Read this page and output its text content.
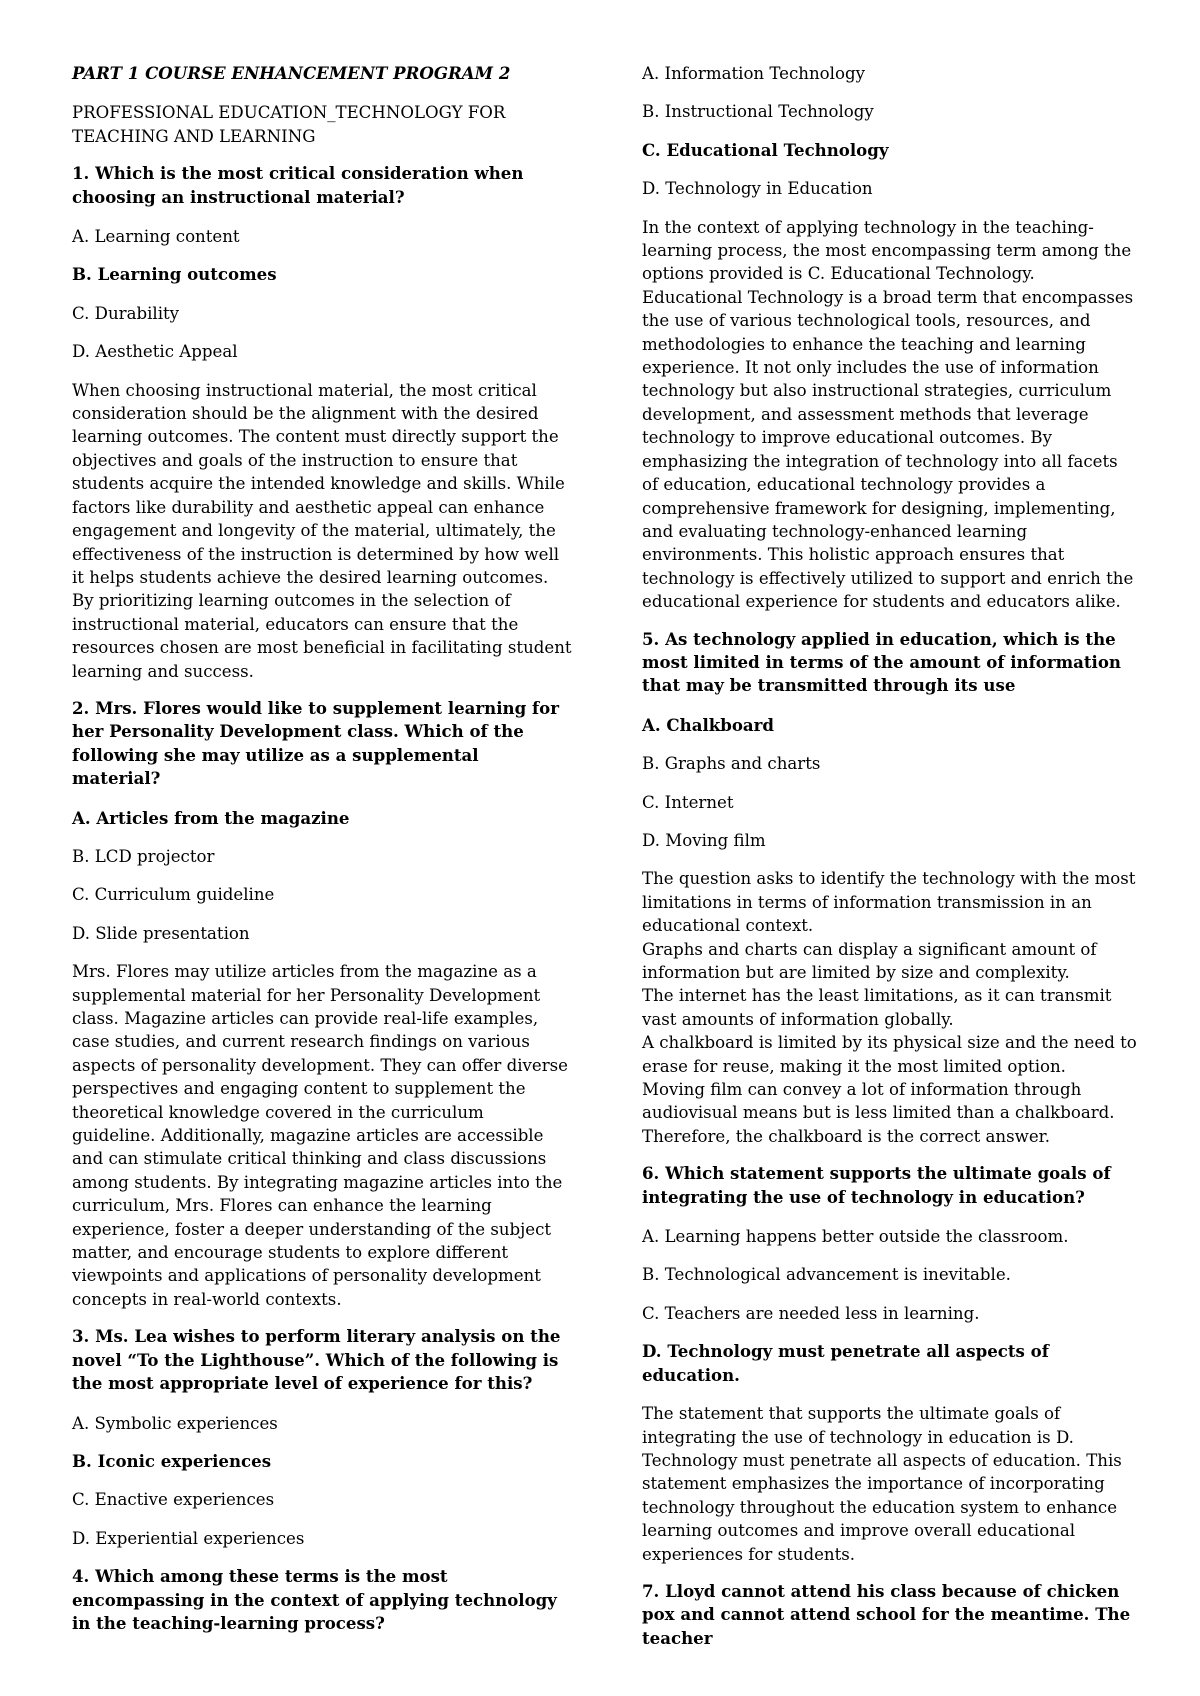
PART 1 COURSE ENHANCEMENT PROGRAM 2

PROFESSIONAL EDUCATION_TECHNOLOGY FOR TEACHING AND LEARNING

1. Which is the most critical consideration when choosing an instructional material?

A. Learning content

B. Learning outcomes

C. Durability

D. Aesthetic Appeal

When choosing instructional material, the most critical consideration should be the alignment with the desired learning outcomes. The content must directly support the objectives and goals of the instruction to ensure that students acquire the intended knowledge and skills. While factors like durability and aesthetic appeal can enhance engagement and longevity of the material, ultimately, the effectiveness of the instruction is determined by how well it helps students achieve the desired learning outcomes. By prioritizing learning outcomes in the selection of instructional material, educators can ensure that the resources chosen are most beneficial in facilitating student learning and success.

2. Mrs. Flores would like to supplement learning for her Personality Development class. Which of the following she may utilize as a supplemental material?

A. Articles from the magazine

B. LCD projector

C. Curriculum guideline

D. Slide presentation

Mrs. Flores may utilize articles from the magazine as a supplemental material for her Personality Development class. Magazine articles can provide real-life examples, case studies, and current research findings on various aspects of personality development. They can offer diverse perspectives and engaging content to supplement the theoretical knowledge covered in the curriculum guideline. Additionally, magazine articles are accessible and can stimulate critical thinking and class discussions among students. By integrating magazine articles into the curriculum, Mrs. Flores can enhance the learning experience, foster a deeper understanding of the subject matter, and encourage students to explore different viewpoints and applications of personality development concepts in real-world contexts.

3. Ms. Lea wishes to perform literary analysis on the novel “To the Lighthouse”. Which of the following is the most appropriate level of experience for this?

A. Symbolic experiences

B. Iconic experiences

C. Enactive experiences

D. Experiential experiences

4. Which among these terms is the most encompassing in the context of applying technology in the teaching-learning process?

A. Information Technology

B. Instructional Technology

C. Educational Technology

D. Technology in Education

In the context of applying technology in the teaching-learning process, the most encompassing term among the options provided is C. Educational Technology. Educational Technology is a broad term that encompasses the use of various technological tools, resources, and methodologies to enhance the teaching and learning experience. It not only includes the use of information technology but also instructional strategies, curriculum development, and assessment methods that leverage technology to improve educational outcomes. By emphasizing the integration of technology into all facets of education, educational technology provides a comprehensive framework for designing, implementing, and evaluating technology-enhanced learning environments. This holistic approach ensures that technology is effectively utilized to support and enrich the educational experience for students and educators alike.

5. As technology applied in education, which is the most limited in terms of the amount of information that may be transmitted through its use

A. Chalkboard

B. Graphs and charts

C. Internet

D. Moving film

The question asks to identify the technology with the most limitations in terms of information transmission in an educational context.
Graphs and charts can display a significant amount of information but are limited by size and complexity.
The internet has the least limitations, as it can transmit vast amounts of information globally.
A chalkboard is limited by its physical size and the need to erase for reuse, making it the most limited option.
Moving film can convey a lot of information through audiovisual means but is less limited than a chalkboard.
Therefore, the chalkboard is the correct answer.

6. Which statement supports the ultimate goals of integrating the use of technology in education?

A. Learning happens better outside the classroom.

B. Technological advancement is inevitable.

C. Teachers are needed less in learning.

D. Technology must penetrate all aspects of education.

The statement that supports the ultimate goals of integrating the use of technology in education is D. Technology must penetrate all aspects of education. This statement emphasizes the importance of incorporating technology throughout the education system to enhance learning outcomes and improve overall educational experiences for students.

7. Lloyd cannot attend his class because of chicken pox and cannot attend school for the meantime. The teacher
